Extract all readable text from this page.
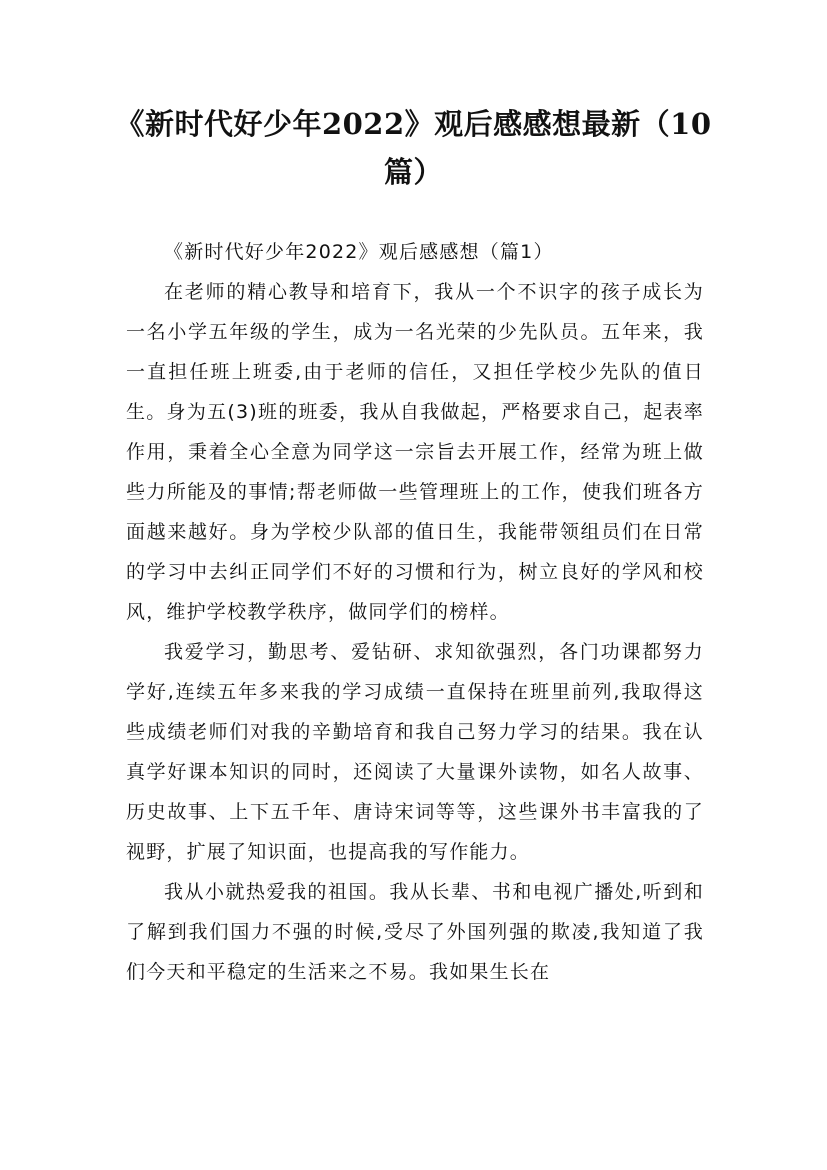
《新时代好少年2022》观后感感想最新（10篇）

《新时代好少年2022》观后感感想（篇1）

在老师的精心教导和培育下，我从一个不识字的孩子成长为一名小学五年级的学生，成为一名光荣的少先队员。五年来，我一直担任班上班委,由于老师的信任，又担任学校少先队的值日生。身为五(3)班的班委，我从自我做起，严格要求自己，起表率作用，秉着全心全意为同学这一宗旨去开展工作，经常为班上做些力所能及的事情;帮老师做一些管理班上的工作，使我们班各方面越来越好。身为学校少队部的值日生，我能带领组员们在日常的学习中去纠正同学们不好的习惯和行为，树立良好的学风和校风，维护学校教学秩序，做同学们的榜样。

我爱学习，勤思考、爱钻研、求知欲强烈，各门功课都努力学好,连续五年多来我的学习成绩一直保持在班里前列,我取得这些成绩老师们对我的辛勤培育和我自己努力学习的结果。我在认真学好课本知识的同时，还阅读了大量课外读物，如名人故事、历史故事、上下五千年、唐诗宋词等等，这些课外书丰富我的了视野，扩展了知识面，也提高我的写作能力。

我从小就热爱我的祖国。我从长辈、书和电视广播处,听到和了解到我们国力不强的时候,受尽了外国列强的欺凌,我知道了我们今天和平稳定的生活来之不易。我如果生长在
